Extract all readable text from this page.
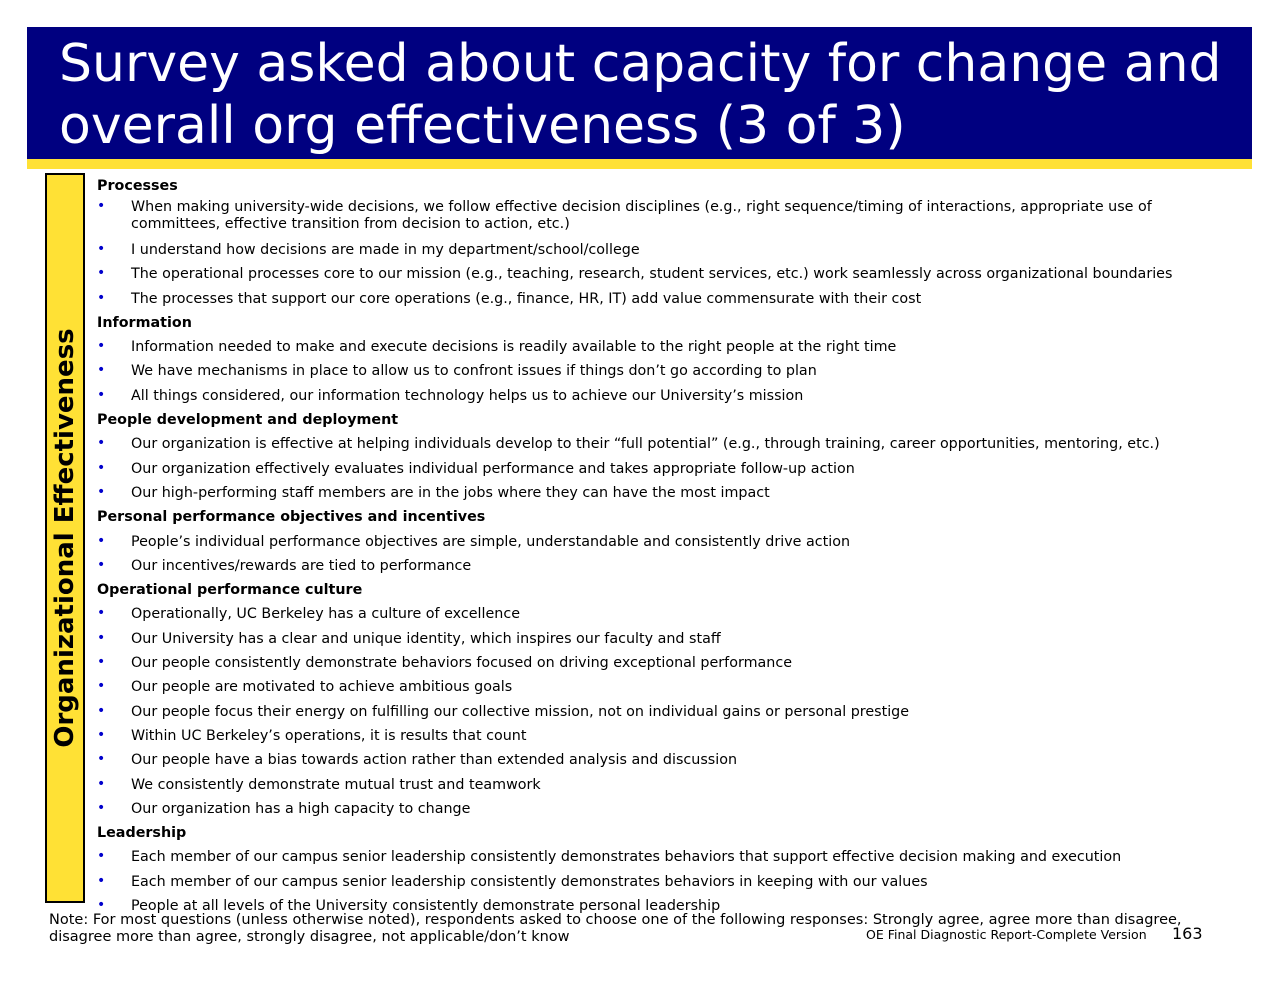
Survey asked about capacity for change and overall org effectiveness (3 of 3)
Organizational Effectiveness
Processes
• When making university-wide decisions, we follow effective decision disciplines (e.g., right sequence/timing of interactions, appropriate use of committees, effective transition from decision to action, etc.)
• I understand how decisions are made in my department/school/college
• The operational processes core to our mission (e.g., teaching, research, student services, etc.) work seamlessly across organizational boundaries
• The processes that support our core operations (e.g., finance, HR, IT) add value commensurate with their cost
Information
• Information needed to make and execute decisions is readily available to the right people at the right time
• We have mechanisms in place to allow us to confront issues if things don’t go according to plan
• All things considered, our information technology helps us to achieve our University’s mission
People development and deployment
• Our organization is effective at helping individuals develop to their “full potential” (e.g., through training, career opportunities, mentoring, etc.)
• Our organization effectively evaluates individual performance and takes appropriate follow-up action
• Our high-performing staff members are in the jobs where they can have the most impact
Personal performance objectives and incentives
• People’s individual performance objectives are simple, understandable and consistently drive action
• Our incentives/rewards are tied to performance
Operational performance culture
• Operationally, UC Berkeley has a culture of excellence
• Our University has a clear and unique identity, which inspires our faculty and staff
• Our people consistently demonstrate behaviors focused on driving exceptional performance
• Our people are motivated to achieve ambitious goals
• Our people focus their energy on fulfilling our collective mission, not on individual gains or personal prestige
• Within UC Berkeley’s operations, it is results that count
• Our people have a bias towards action rather than extended analysis and discussion
• We consistently demonstrate mutual trust and teamwork
• Our organization has a high capacity to change
Leadership
• Each member of our campus senior leadership consistently demonstrates behaviors that support effective decision making and execution
• Each member of our campus senior leadership consistently demonstrates behaviors in keeping with our values
• People at all levels of the University consistently demonstrate personal leadership
Note: For most questions (unless otherwise noted), respondents asked to choose one of the following responses: Strongly agree, agree more than disagree, disagree more than agree, strongly disagree, not applicable/don’t know	OE Final Diagnostic Report-Complete Version 163
